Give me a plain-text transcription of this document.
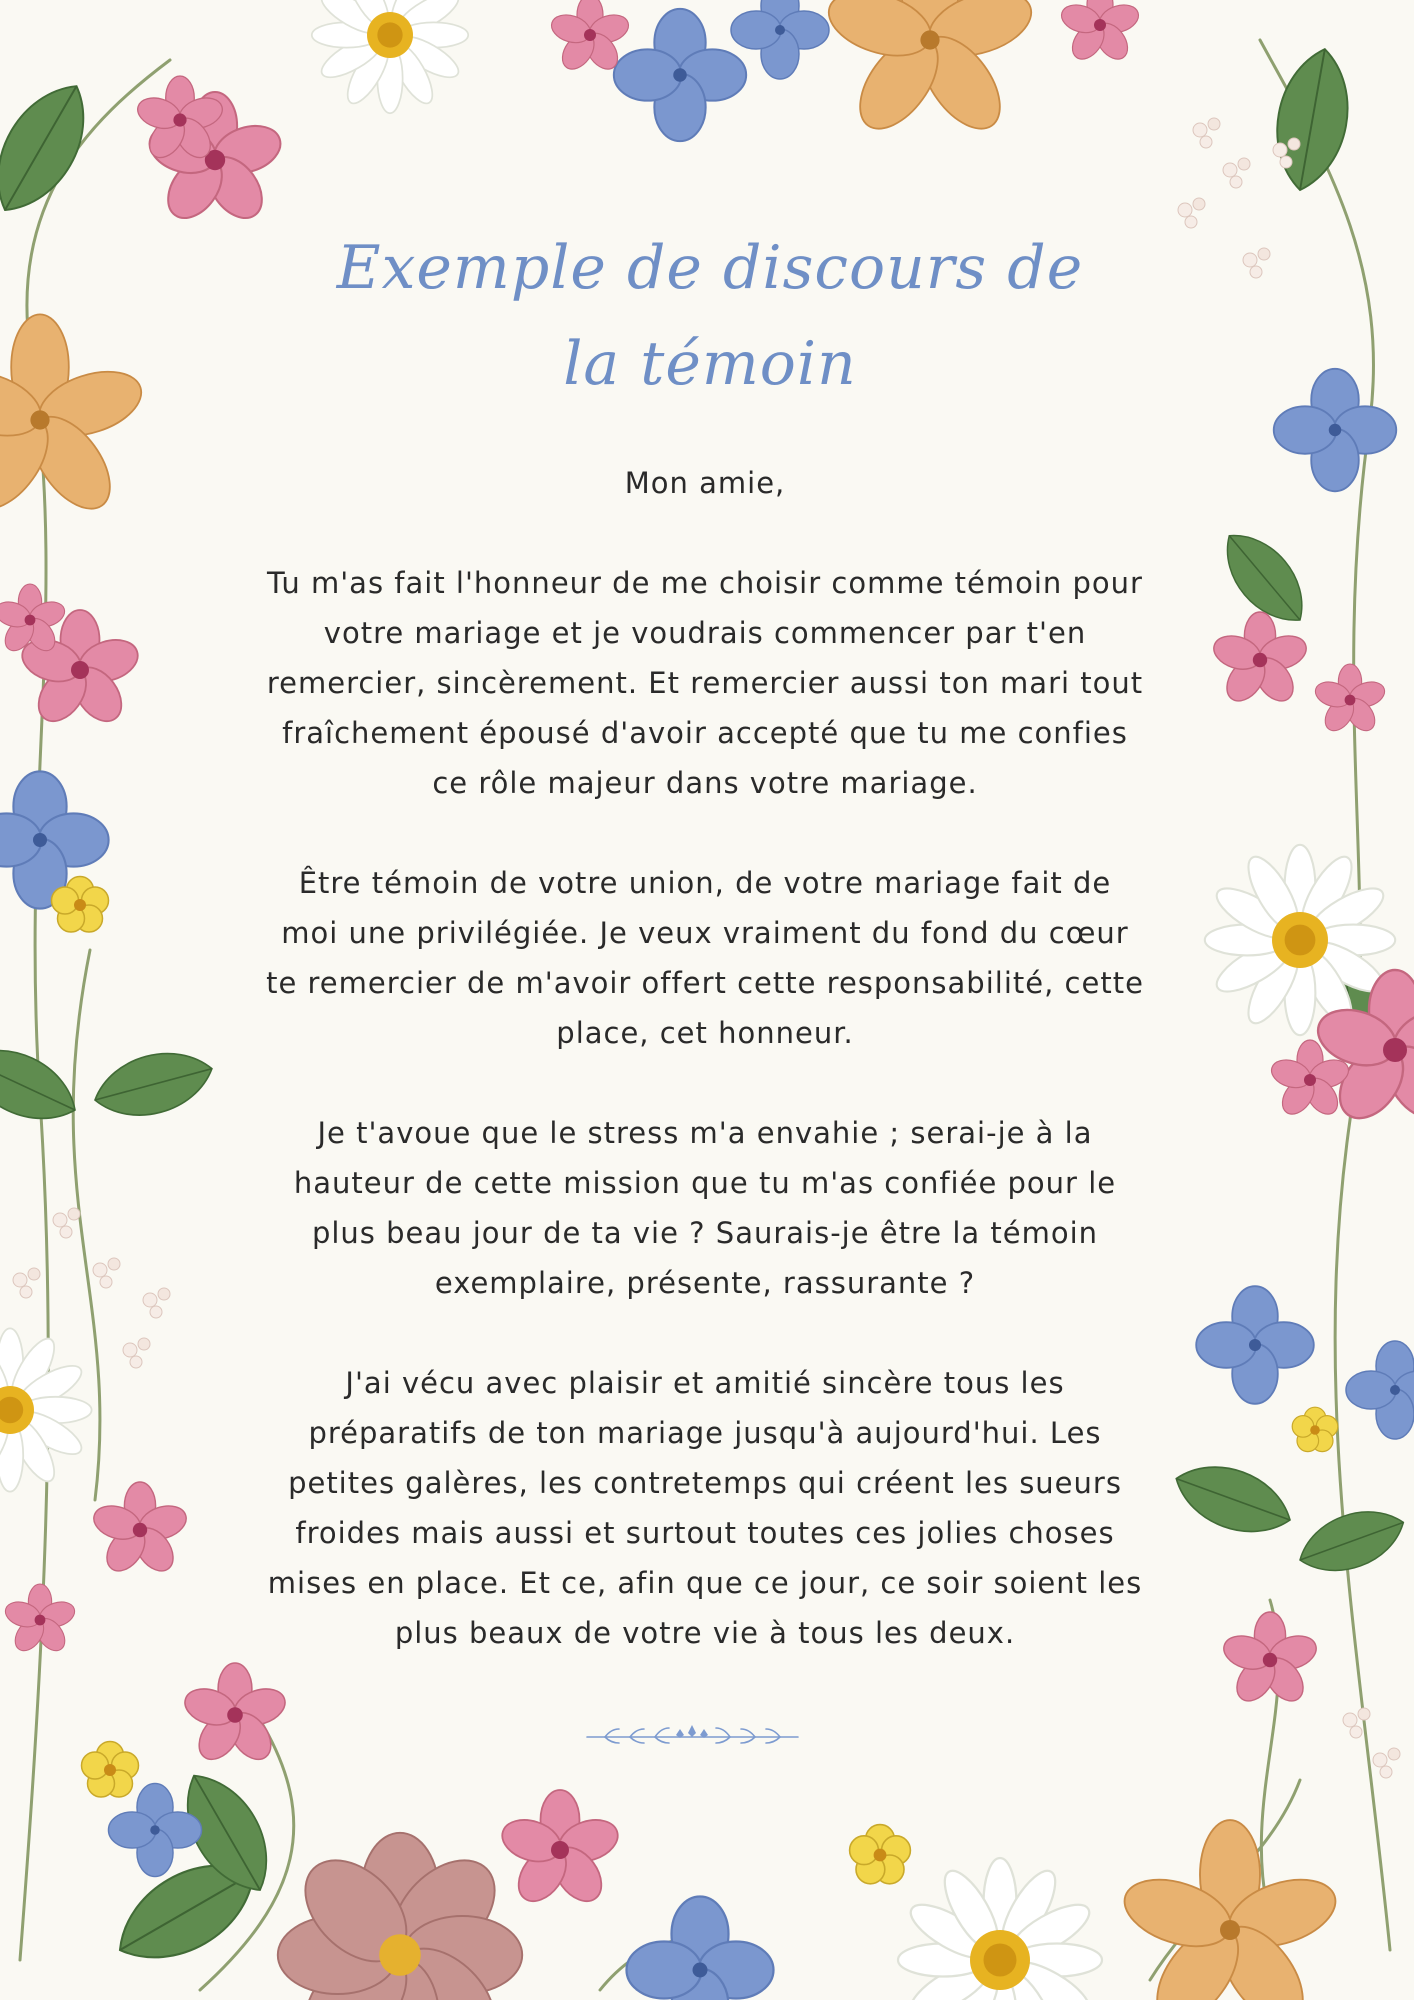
Exemple de discours de
la témoin

Mon amie,

Tu m'as fait l'honneur de me choisir comme témoin pour
votre mariage et je voudrais commencer par t'en
remercier, sincèrement. Et remercier aussi ton mari tout
fraîchement épousé d'avoir accepté que tu me confies
ce rôle majeur dans votre mariage.

Être témoin de votre union, de votre mariage fait de
moi une privilégiée. Je veux vraiment du fond du cœur
te remercier de m'avoir offert cette responsabilité, cette
place, cet honneur.

Je t'avoue que le stress m'a envahie ; serai-je à la
hauteur de cette mission que tu m'as confiée pour le
plus beau jour de ta vie ? Saurais-je être la témoin
exemplaire, présente, rassurante ?

J'ai vécu avec plaisir et amitié sincère tous les
préparatifs de ton mariage jusqu'à aujourd'hui. Les
petites galères, les contretemps qui créent les sueurs
froides mais aussi et surtout toutes ces jolies choses
mises en place. Et ce, afin que ce jour, ce soir soient les
plus beaux de votre vie à tous les deux.
